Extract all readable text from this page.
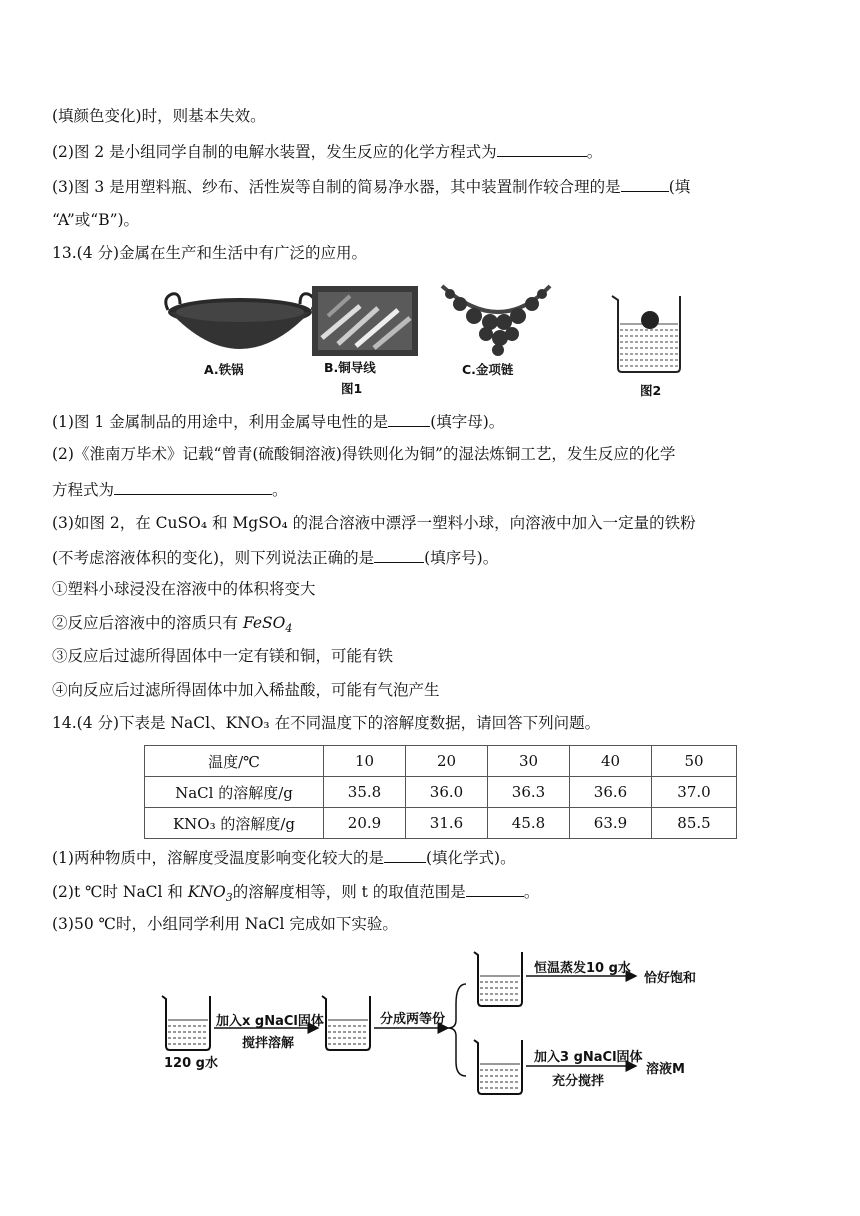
(填颜色变化)时，则基本失效。
(2)图 2 是小组同学自制的电解水装置，发生反应的化学方程式为	。
(3)图 3 是用塑料瓶、纱布、活性炭等自制的简易净水器，其中装置制作较合理的是	(填
“A”或“B”)。
13.(4 分)金属在生产和生活中有广泛的应用。
A.铁锅	B.铜导线	C.金项链
图1	图2
(1)图 1 金属制品的用途中，利用金属导电性的是	(填字母)。
(2)《淮南万毕术》记载“曾青(硫酸铜溶液)得铁则化为铜”的湿法炼铜工艺，发生反应的化学
方程式为	。
(3)如图 2，在 CuSO₄ 和 MgSO₄ 的混合溶液中漂浮一塑料小球，向溶液中加入一定量的铁粉
(不考虑溶液体积的变化)，则下列说法正确的是	(填序号)。
①塑料小球浸没在溶液中的体积将变大
②反应后溶液中的溶质只有 FeSO$_4$
③反应后过滤所得固体中一定有镁和铜，可能有铁
④向反应后过滤所得固体中加入稀盐酸，可能有气泡产生
14.(4 分)下表是 NaCl、KNO₃ 在不同温度下的溶解度数据，请回答下列问题。
温度/℃	10	20	30	40	50
NaCl 的溶解度/g	35.8	36.0	36.3	36.6	37.0
KNO₃ 的溶解度/g	20.9	31.6	45.8	63.9	85.5
(1)两种物质中，溶解度受温度影响变化较大的是	(填化学式)。
(2)t ℃时 NaCl 和 $KNO_3$的溶解度相等，则 t 的取值范围是	。
(3)50 ℃时，小组同学利用 NaCl 完成如下实验。
120 g水
加入x gNaCl固体
搅拌溶解
分成两等份
恒温蒸发10 g水
恰好饱和
加入3 gNaCl固体
充分搅拌
溶液M
